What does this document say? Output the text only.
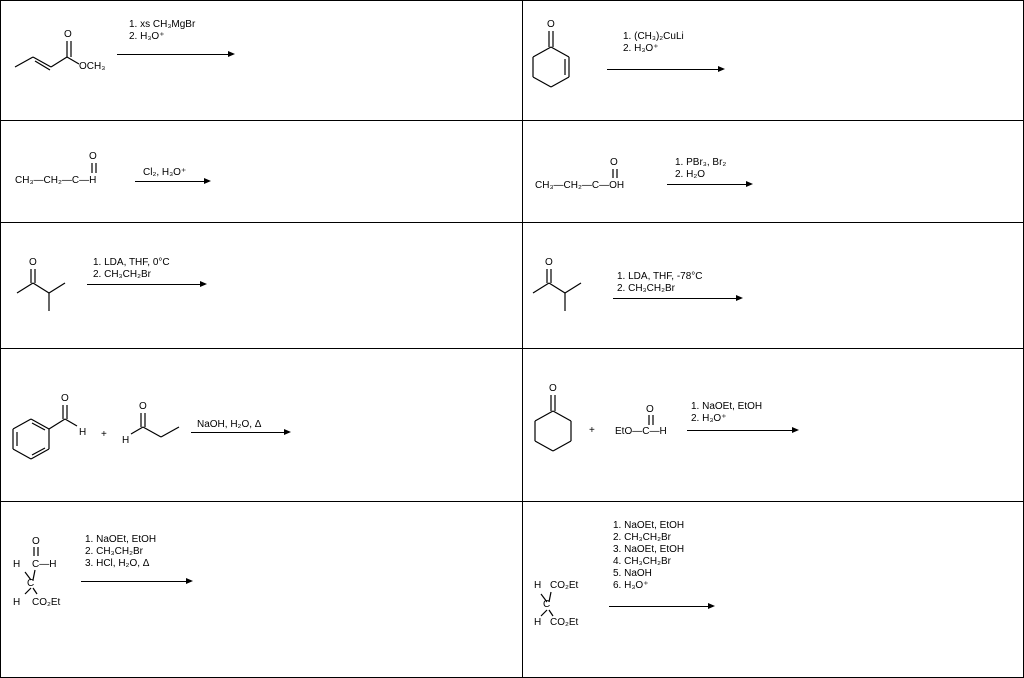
O
OCH₃
1. xs CH₃MgBr
2. H₃O⁺
O
1. (CH₃)₂CuLi
2. H₃O⁺
O
CH₃—CH₂—C—H
Cl₂, H₃O⁺
O
CH₃—CH₂—C—OH
1. PBr₃, Br₂
2. H₂O
O	1. LDA, THF, 0°C
2. CH₃CH₂Br
O
1. LDA, THF, -78°C
2. CH₃CH₂Br
O
H +
O
H
NaOH, H₂O, Δ
O
+
O
EtO—C—H
1. NaOEt, EtOH
2. H₃O⁺
O
H C—H
C
H CO₂Et
1. NaOEt, EtOH
2. CH₃CH₂Br
3. HCl, H₂O, Δ
H CO₂Et
C
H CO₂Et
1. NaOEt, EtOH
2. CH₃CH₂Br
3. NaOEt, EtOH
4. CH₃CH₂Br
5. NaOH
6. H₃O⁺
